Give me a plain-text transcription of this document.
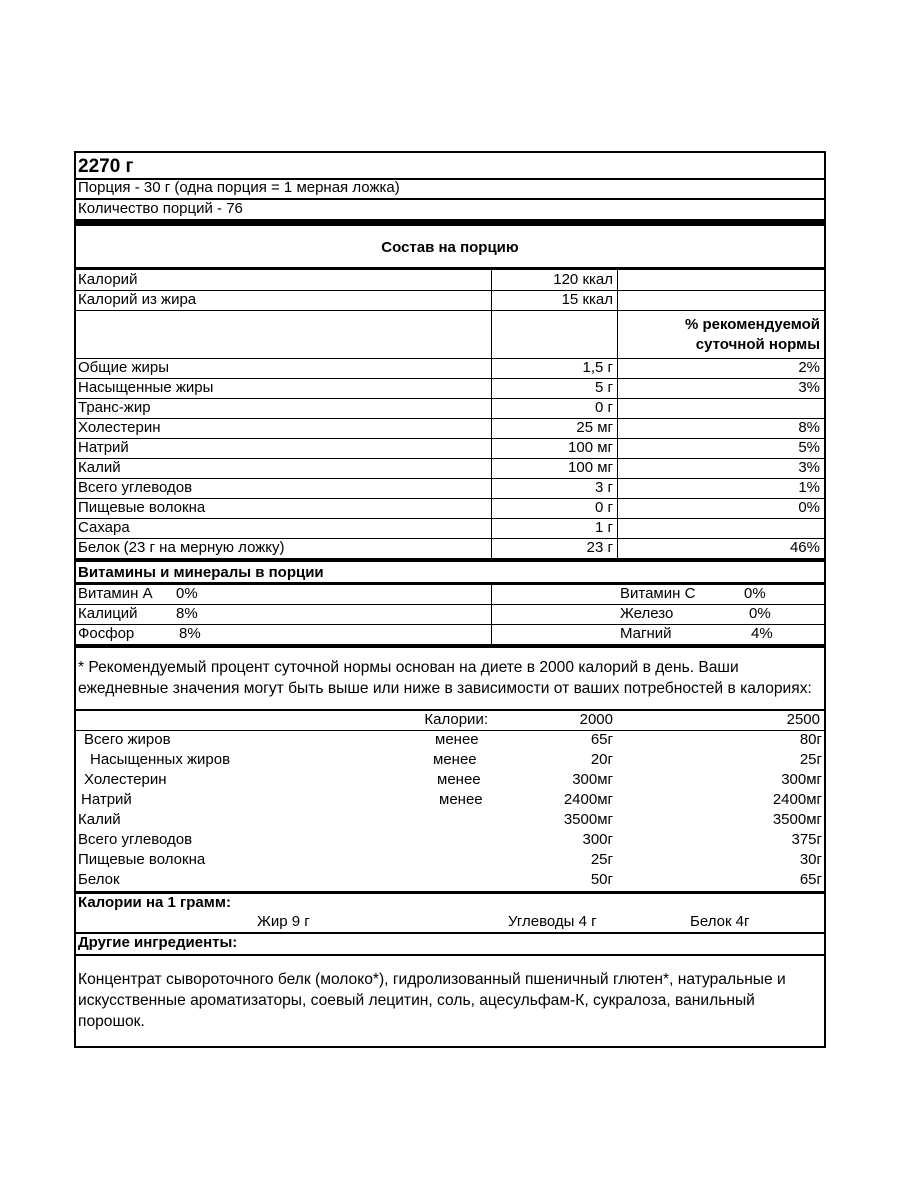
2270 г
Порция - 30 г (одна порция = 1 мерная ложка)
Количество порций - 76
Состав на порцию
Калорий	120 ккал
Калорий из жира	15 ккал
% рекомендуемой
суточной нормы
Общие жиры	1,5 г	2%
Насыщенные жиры	5 г	3%
Транс-жир	0 г
Холестерин	25 мг	8%
Натрий	100 мг	5%
Калий	100 мг	3%
Всего углеводов	3 г	1%
Пищевые волокна	0 г	0%
Сахара	1 г
Белок (23 г на мерную ложку)	23 г	46%
Витамины и минералы в порции
Витамин А 0%	Витамин С	0%
Калиций	8%	Железо	0%
Фосфор	8%	Магний	4%
* Рекомендуемый процент суточной нормы основан на диете в 2000 калорий в день. Ваши
ежедневные значения могут быть выше или ниже в зависимости от ваших потребностей в калориях:
Калории:	2000	2500
Всего жиров	менее	65г	80г
Насыщенных жиров	менее	20г	25г
Холестерин	менее	300мг	300мг
Натрий	менее	2400мг	2400мг
Калий	3500мг	3500мг
Всего углеводов	300г	375г
Пищевые волокна	25г	30г
Белок	50г	65г
Калории на 1 грамм:
Жир 9 г	Углеводы 4 г	Белок 4г
Другие ингредиенты:
Концентрат сывороточного белк (молоко*), гидролизованный пшеничный глютен*, натуральные и
искусственные ароматизаторы, соевый лецитин, соль, ацесульфам-К, сукралоза, ванильный
порошок.
